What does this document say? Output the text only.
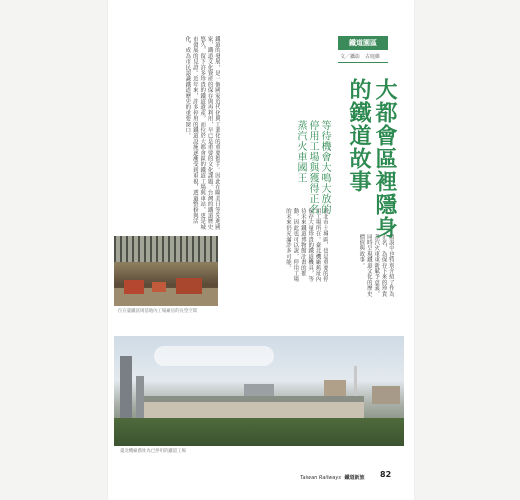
鐵道的發展，是一個國家近代化與工業化的重要推手。因此在歐美日等先進國家，鐵道文化資產的保存與再利用，早已是重要的文化課題。台灣的鐵道歷史悠久，留下許多珍貴的鐵道遺產，而位於大都會區的鐵道工場與車站，更是城市發展的見證。近年來，許多停用的鐵道設施逐漸受到重視，透過整修與活化，成為市民認識鐵道歷史的重要窗口。
位在臺鐵富岡基地內工場廠房的長型空間
新北市土城區，也是重要的停用工場所在。臺北機廠舊址內保存大量珍貴的鐵道機具，等待未來鐵道博物館計畫的推動。因此也可以說，停用工場的未來仍充滿許多可能。	解說中也特別介紹了作為正名，為保存下來的珍貴蒸汽火車重新賦予意義，同時呈現鐵道文化的歷史價值與故事。
鐵道園區
文／攝影　古庭維
大都會區裡隱身的鐵道故事
等待機會大鳴大放的停用工場與獲得正名蒸汽火車國王
臺北機廠舊址為已停用的鐵道工場
Taiwan Railways 鐵道新旅 82
